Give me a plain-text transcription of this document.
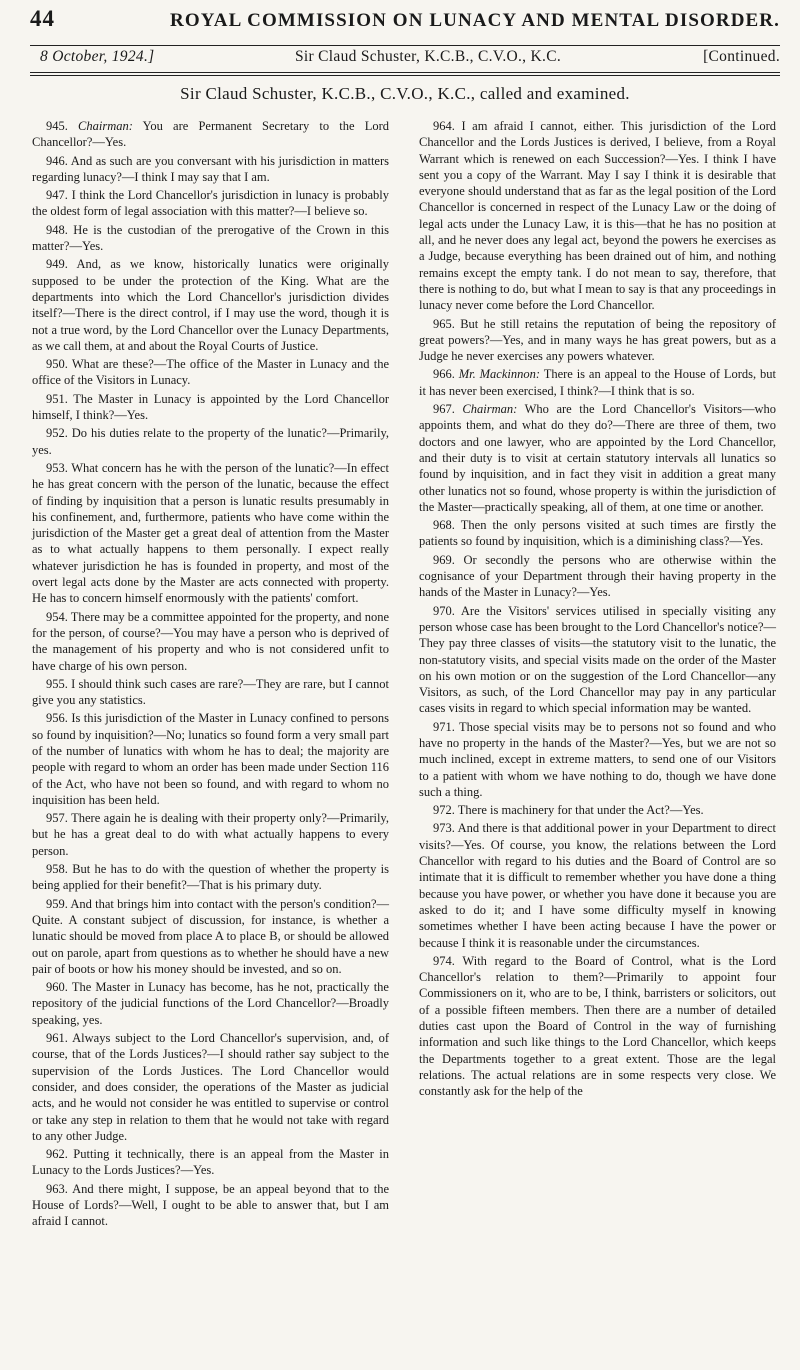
44	ROYAL COMMISSION ON LUNACY AND MENTAL DISORDER.
8 October, 1924.]	Sir Claud Schuster, K.C.B., C.V.O., K.C.	[Continued.
Sir Claud Schuster, K.C.B., C.V.O., K.C., called and examined.

945. Chairman: You are Permanent Secretary to the Lord Chancellor?—Yes.

946. And as such are you conversant with his jurisdiction in matters regarding lunacy?—I think I may say that I am.

947. I think the Lord Chancellor's jurisdiction in lunacy is probably the oldest form of legal association with this matter?—I believe so.

948. He is the custodian of the prerogative of the Crown in this matter?—Yes.

949. And, as we know, historically lunatics were originally supposed to be under the protection of the King. What are the departments into which the Lord Chancellor's jurisdiction divides itself?—There is the direct control, if I may use the word, though it is not a true word, by the Lord Chancellor over the Lunacy Departments, as we call them, at and about the Royal Courts of Justice.

950. What are these?—The office of the Master in Lunacy and the office of the Visitors in Lunacy.

951. The Master in Lunacy is appointed by the Lord Chancellor himself, I think?—Yes.

952. Do his duties relate to the property of the lunatic?—Primarily, yes.

953. What concern has he with the person of the lunatic?—In effect he has great concern with the person of the lunatic, because the effect of finding by inquisition that a person is lunatic results presumably in his confinement, and, furthermore, patients who have come within the jurisdiction of the Master get a great deal of attention from the Master as to what actually happens to them personally. I expect really whatever jurisdiction he has is founded in property, and most of the overt legal acts done by the Master are acts connected with property. He has to concern himself enormously with the patients' comfort.

954. There may be a committee appointed for the property, and none for the person, of course?—You may have a person who is deprived of the management of his property and who is not considered unfit to have charge of his own person.

955. I should think such cases are rare?—They are rare, but I cannot give you any statistics.

956. Is this jurisdiction of the Master in Lunacy confined to persons so found by inquisition?—No; lunatics so found form a very small part of the number of lunatics with whom he has to deal; the majority are people with regard to whom an order has been made under Section 116 of the Act, who have not been so found, and with regard to whom no inquisition has been held.

957. There again he is dealing with their property only?—Primarily, but he has a great deal to do with what actually happens to every person.

958. But he has to do with the question of whether the property is being applied for their benefit?—That is his primary duty.

959. And that brings him into contact with the person's condition?—Quite. A constant subject of discussion, for instance, is whether a lunatic should be moved from place A to place B, or should be allowed out on parole, apart from questions as to whether he should have a new pair of boots or how his money should be invested, and so on.

960. The Master in Lunacy has become, has he not, practically the repository of the judicial functions of the Lord Chancellor?—Broadly speaking, yes.

961. Always subject to the Lord Chancellor's supervision, and, of course, that of the Lords Justices?—I should rather say subject to the supervision of the Lords Justices. The Lord Chancellor would consider, and does consider, the operations of the Master as judicial acts, and he would not consider he was entitled to supervise or control or take any step in relation to them that he would not take with regard to any other Judge.

962. Putting it technically, there is an appeal from the Master in Lunacy to the Lords Justices?—Yes.

963. And there might, I suppose, be an appeal beyond that to the House of Lords?—Well, I ought to be able to answer that, but I am afraid I cannot.

964. I am afraid I cannot, either. This jurisdiction of the Lord Chancellor and the Lords Justices is derived, I believe, from a Royal Warrant which is renewed on each Succession?—Yes. I think I have sent you a copy of the Warrant. May I say I think it is desirable that everyone should understand that as far as the legal position of the Lord Chancellor is concerned in respect of the Lunacy Law or the doing of legal acts under the Lunacy Law, it is this—that he has no position at all, and he never does any legal act, beyond the powers he exercises as a Judge, because everything has been drained out of him, and nothing remains except the empty tank. I do not mean to say, therefore, that there is nothing to do, but what I mean to say is that any proceedings in lunacy never come before the Lord Chancellor.

965. But he still retains the reputation of being the repository of great powers?—Yes, and in many ways he has great powers, but as a Judge he never exercises any powers whatever.

966. Mr. Mackinnon: There is an appeal to the House of Lords, but it has never been exercised, I think?—I think that is so.

967. Chairman: Who are the Lord Chancellor's Visitors—who appoints them, and what do they do?—There are three of them, two doctors and one lawyer, who are appointed by the Lord Chancellor, and their duty is to visit at certain statutory intervals all lunatics so found by inquisition, and in fact they visit in addition a great many other lunatics not so found, whose property is within the jurisdiction of the Master—practically speaking, all of them, at one time or another.

968. Then the only persons visited at such times are firstly the patients so found by inquisition, which is a diminishing class?—Yes.

969. Or secondly the persons who are otherwise within the cognisance of your Department through their having property in the hands of the Master in Lunacy?—Yes.

970. Are the Visitors' services utilised in specially visiting any person whose case has been brought to the Lord Chancellor's notice?—They pay three classes of visits—the statutory visit to the lunatic, the non-statutory visits, and special visits made on the order of the Master on his own motion or on the suggestion of the Lord Chancellor—any Visitors, as such, of the Lord Chancellor may pay in any particular cases visits in regard to which special information may be wanted.

971. Those special visits may be to persons not so found and who have no property in the hands of the Master?—Yes, but we are not so much inclined, except in extreme matters, to send one of our Visitors to a patient with whom we have nothing to do, though we have done such a thing.

972. There is machinery for that under the Act?—Yes.

973. And there is that additional power in your Department to direct visits?—Yes. Of course, you know, the relations between the Lord Chancellor with regard to his duties and the Board of Control are so intimate that it is difficult to remember whether you have done a thing because you have power, or whether you have done it because you are asked to do it; and I have some difficulty myself in knowing sometimes whether I have been acting because I have the power or because I think it is reasonable under the circumstances.

974. With regard to the Board of Control, what is the Lord Chancellor's relation to them?—Primarily to appoint four Commissioners on it, who are to be, I think, barristers or solicitors, out of a possible fifteen members. Then there are a number of detailed duties cast upon the Board of Control in the way of furnishing information and such like things to the Lord Chancellor, which keeps the Departments together to a great extent. Those are the legal relations. The actual relations are in some respects very close. We constantly ask for the help of the
